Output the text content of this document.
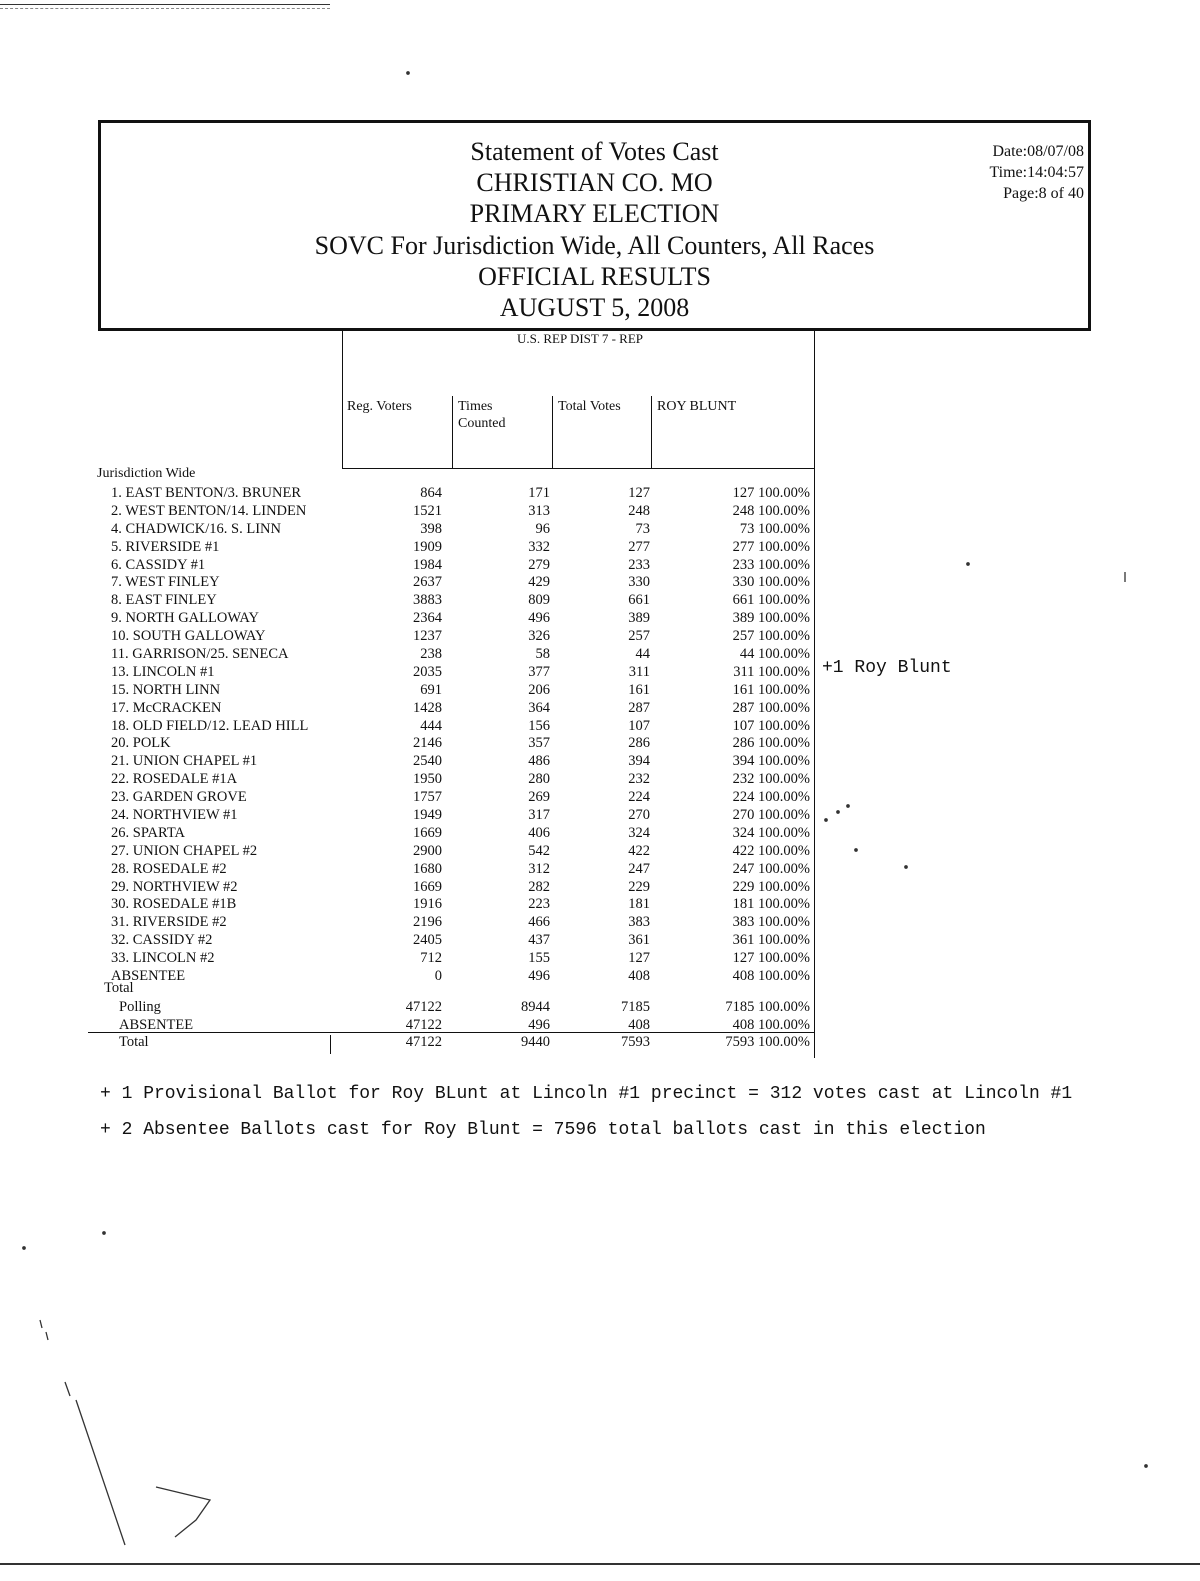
Statement of Votes Cast
CHRISTIAN CO. MO
PRIMARY ELECTION
SOVC For Jurisdiction Wide, All Counters, All Races
OFFICIAL RESULTS
AUGUST 5, 2008
Date:08/07/08
Time:14:04:57
Page:8 of 40
U.S. REP DIST 7 - REP
Reg. Voters	Times
Counted
Total Votes	ROY BLUNT
Jurisdiction Wide
1. EAST BENTON/3. BRUNER	864	171	127	127 100.00%
2. WEST BENTON/14. LINDEN	1521	313	248	248 100.00%
4. CHADWICK/16. S. LINN	398	96	73	73 100.00%
5. RIVERSIDE #1	1909	332	277	277 100.00%
6. CASSIDY #1	1984	279	233	233 100.00%
7. WEST FINLEY	2637	429	330	330 100.00%
8. EAST FINLEY	3883	809	661	661 100.00%
9. NORTH GALLOWAY	2364	496	389	389 100.00%
10. SOUTH GALLOWAY	1237	326	257	257 100.00%
11. GARRISON/25. SENECA	238	58	44	44 100.00%
13. LINCOLN #1	2035	377	311	311 100.00%
15. NORTH LINN	691	206	161	161 100.00%
17. McCRACKEN	1428	364	287	287 100.00%
18. OLD FIELD/12. LEAD HILL	444	156	107	107 100.00%
20. POLK	2146	357	286	286 100.00%
21. UNION CHAPEL #1	2540	486	394	394 100.00%
22. ROSEDALE #1A	1950	280	232	232 100.00%
23. GARDEN GROVE	1757	269	224	224 100.00%
24. NORTHVIEW #1	1949	317	270	270 100.00%
26. SPARTA	1669	406	324	324 100.00%
27. UNION CHAPEL #2	2900	542	422	422 100.00%
28. ROSEDALE #2	1680	312	247	247 100.00%
29. NORTHVIEW #2	1669	282	229	229 100.00%
30. ROSEDALE #1B	1916	223	181	181 100.00%
31. RIVERSIDE #2	2196	466	383	383 100.00%
32. CASSIDY #2	2405	437	361	361 100.00%
33. LINCOLN #2	712	155	127	127 100.00%
ABSENTEE	0	496	408	408 100.00%
Total
Polling	47122	8944	7185	7185 100.00%
ABSENTEE	47122	496	408	408 100.00%
Total	47122	9440	7593	7593 100.00%
+1 Roy Blunt
+ 1 Provisional Ballot for Roy BLunt at Lincoln #1 precinct = 312 votes cast at Lincoln #1
+ 2 Absentee Ballots cast for Roy Blunt = 7596 total ballots cast in this election
